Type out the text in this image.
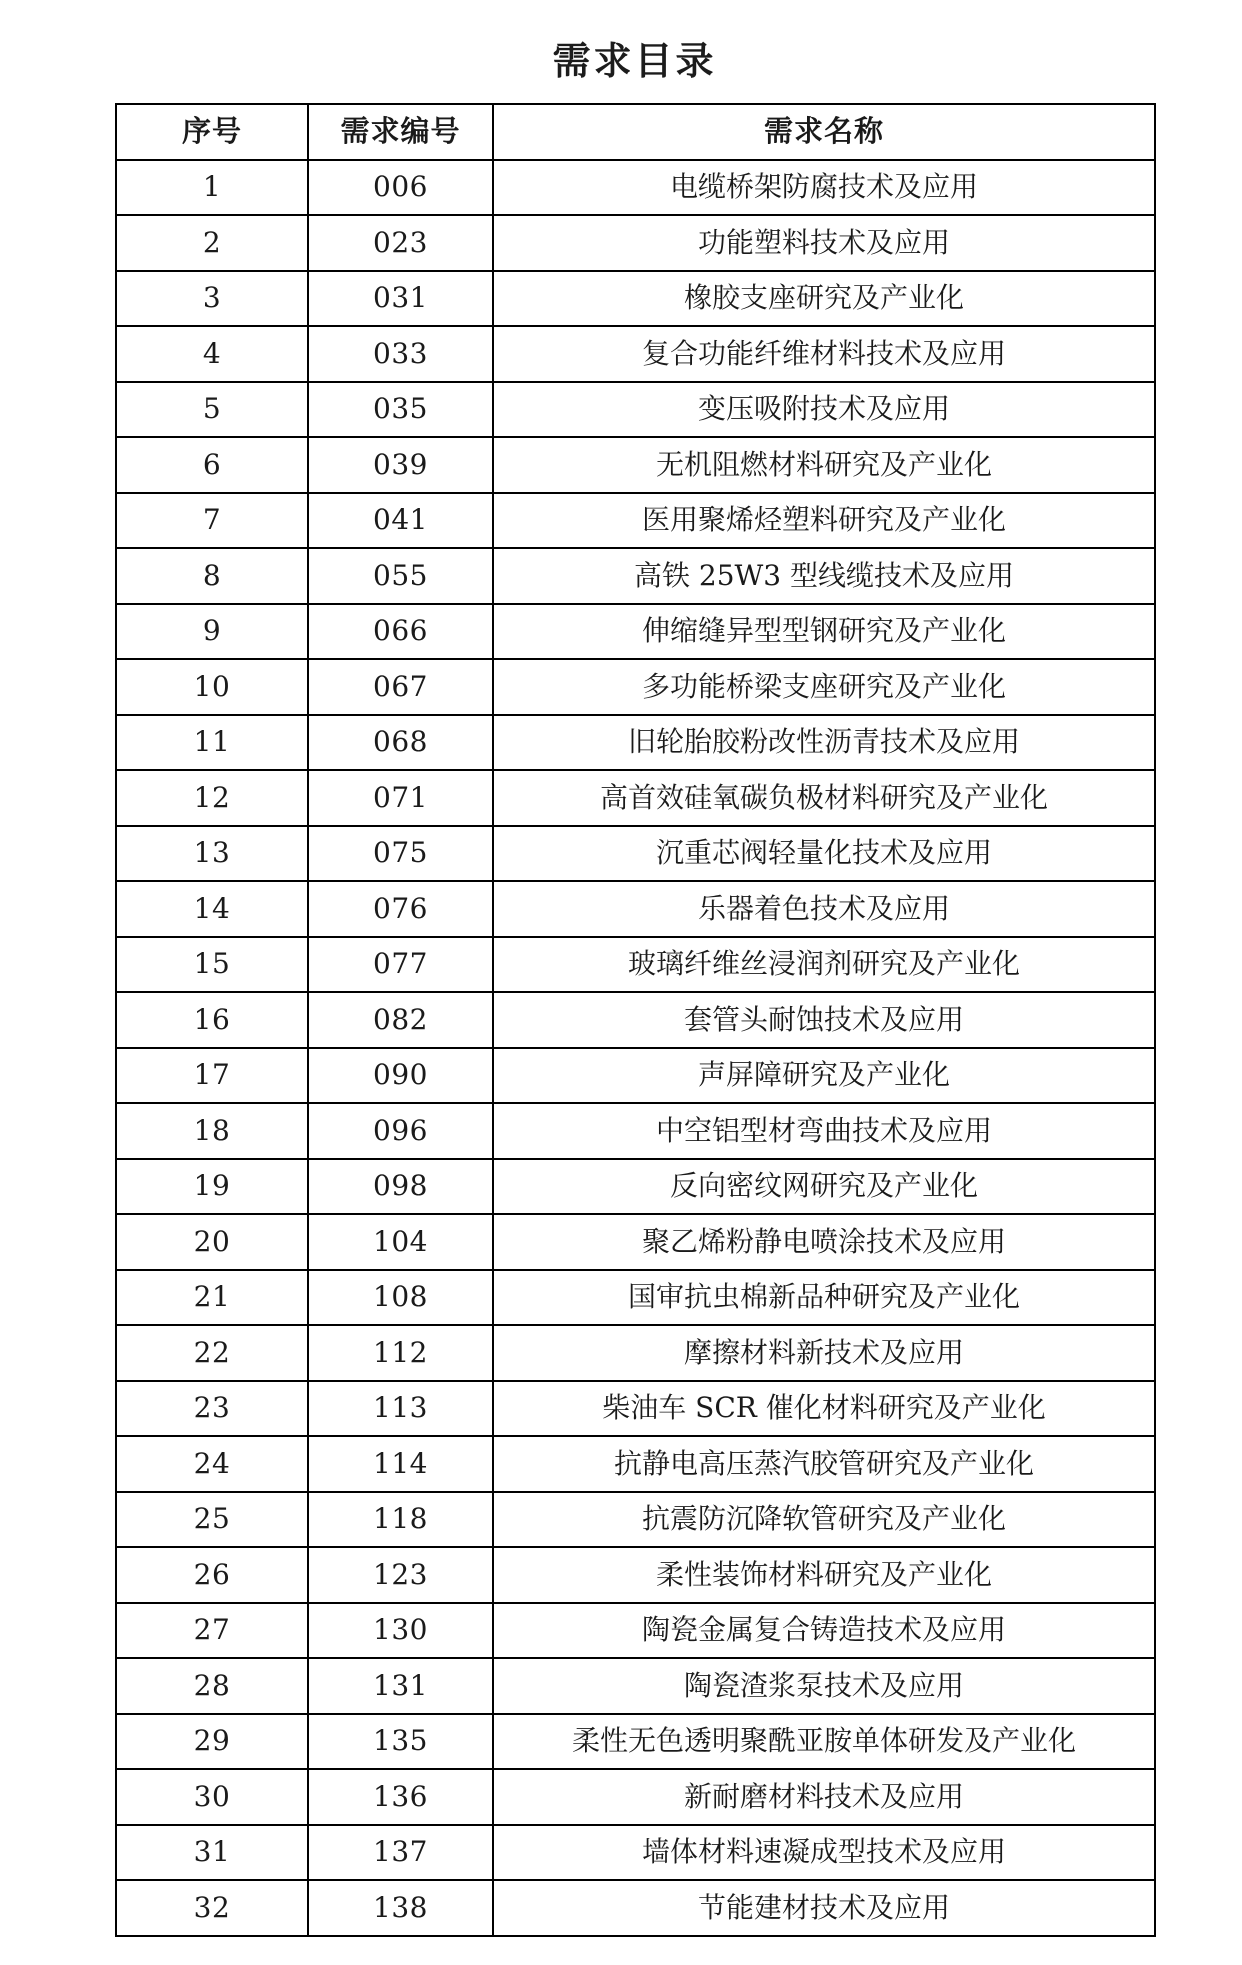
需求目录
序号	需求编号	需求名称
1	006	电缆桥架防腐技术及应用
2	023	功能塑料技术及应用
3	031	橡胶支座研究及产业化
4	033	复合功能纤维材料技术及应用
5	035	变压吸附技术及应用
6	039	无机阻燃材料研究及产业化
7	041	医用聚烯烃塑料研究及产业化
8	055	高铁 25W3 型线缆技术及应用
9	066	伸缩缝异型型钢研究及产业化
10	067	多功能桥梁支座研究及产业化
11	068	旧轮胎胶粉改性沥青技术及应用
12	071	高首效硅氧碳负极材料研究及产业化
13	075	沉重芯阀轻量化技术及应用
14	076	乐器着色技术及应用
15	077	玻璃纤维丝浸润剂研究及产业化
16	082	套管头耐蚀技术及应用
17	090	声屏障研究及产业化
18	096	中空铝型材弯曲技术及应用
19	098	反向密纹网研究及产业化
20	104	聚乙烯粉静电喷涂技术及应用
21	108	国审抗虫棉新品种研究及产业化
22	112	摩擦材料新技术及应用
23	113	柴油车 SCR 催化材料研究及产业化
24	114	抗静电高压蒸汽胶管研究及产业化
25	118	抗震防沉降软管研究及产业化
26	123	柔性装饰材料研究及产业化
27	130	陶瓷金属复合铸造技术及应用
28	131	陶瓷渣浆泵技术及应用
29	135	柔性无色透明聚酰亚胺单体研发及产业化
30	136	新耐磨材料技术及应用
31	137	墙体材料速凝成型技术及应用
32	138	节能建材技术及应用
